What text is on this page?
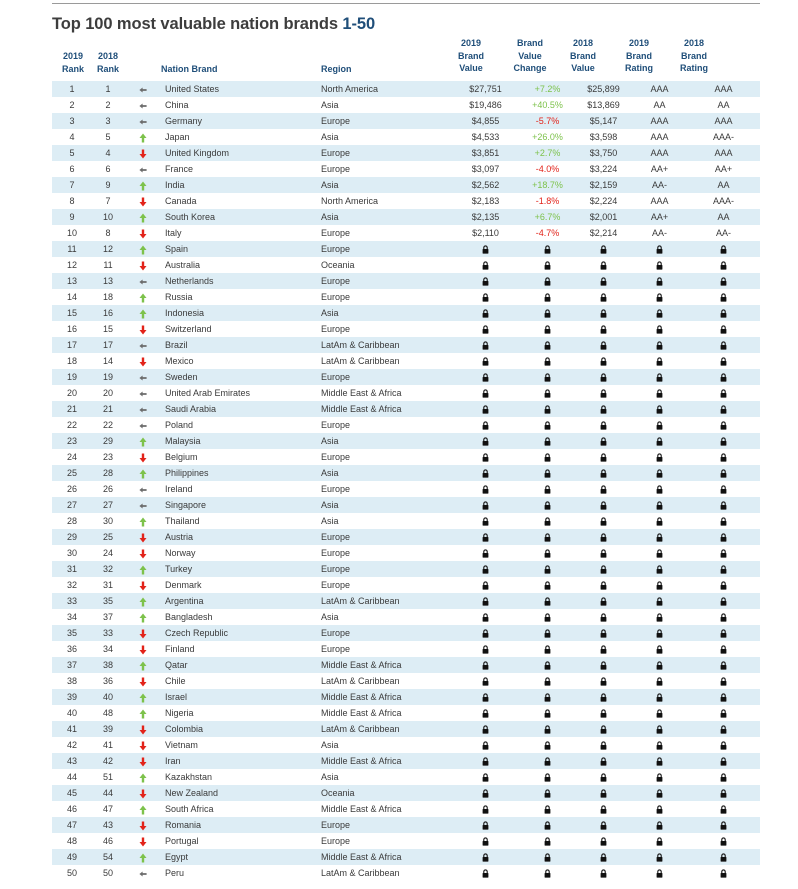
Top 100 most valuable nation brands 1-50
2019
Rank
2018
Rank	Nation Brand	Region
2019
Brand
Value
Brand
Value
Change
2018
Brand
Value
2019
Brand
Rating
2018
Brand
Rating
1	1		United States	North America	$27,751	+7.2%	$25,899	AAA	AAA
2	2		China	Asia	$19,486	+40.5%	$13,869	AA	AA
3	3		Germany	Europe	$4,855	-5.7%	$5,147	AAA	AAA
4	5		Japan	Asia	$4,533	+26.0%	$3,598	AAA	AAA-
5	4		United Kingdom	Europe	$3,851	+2.7%	$3,750	AAA	AAA
6	6		France	Europe	$3,097	-4.0%	$3,224	AA+	AA+
7	9		India	Asia	$2,562	+18.7%	$2,159	AA-	AA
8	7		Canada	North America	$2,183	-1.8%	$2,224	AAA	AAA-
9	10		South Korea	Asia	$2,135	+6.7%	$2,001	AA+	AA
10	8		Italy	Europe	$2,110	-4.7%	$2,214	AA-	AA-
11	12		Spain	Europe					
12	11		Australia	Oceania					
13	13		Netherlands	Europe					
14	18		Russia	Europe					
15	16		Indonesia	Asia					
16	15		Switzerland	Europe					
17	17		Brazil	LatAm & Caribbean					
18	14		Mexico	LatAm & Caribbean					
19	19		Sweden	Europe					
20	20		United Arab Emirates	Middle East & Africa					
21	21		Saudi Arabia	Middle East & Africa					
22	22		Poland	Europe					
23	29		Malaysia	Asia					
24	23		Belgium	Europe					
25	28		Philippines	Asia					
26	26		Ireland	Europe					
27	27		Singapore	Asia					
28	30		Thailand	Asia					
29	25		Austria	Europe					
30	24		Norway	Europe					
31	32		Turkey	Europe					
32	31		Denmark	Europe					
33	35		Argentina	LatAm & Caribbean					
34	37		Bangladesh	Asia					
35	33		Czech Republic	Europe					
36	34		Finland	Europe					
37	38		Qatar	Middle East & Africa					
38	36		Chile	LatAm & Caribbean					
39	40		Israel	Middle East & Africa					
40	48		Nigeria	Middle East & Africa					
41	39		Colombia	LatAm & Caribbean					
42	41		Vietnam	Asia					
43	42		Iran	Middle East & Africa					
44	51		Kazakhstan	Asia					
45	44		New Zealand	Oceania					
46	47		South Africa	Middle East & Africa					
47	43		Romania	Europe					
48	46		Portugal	Europe					
49	54		Egypt	Middle East & Africa					
50	50		Peru	LatAm & Caribbean					
